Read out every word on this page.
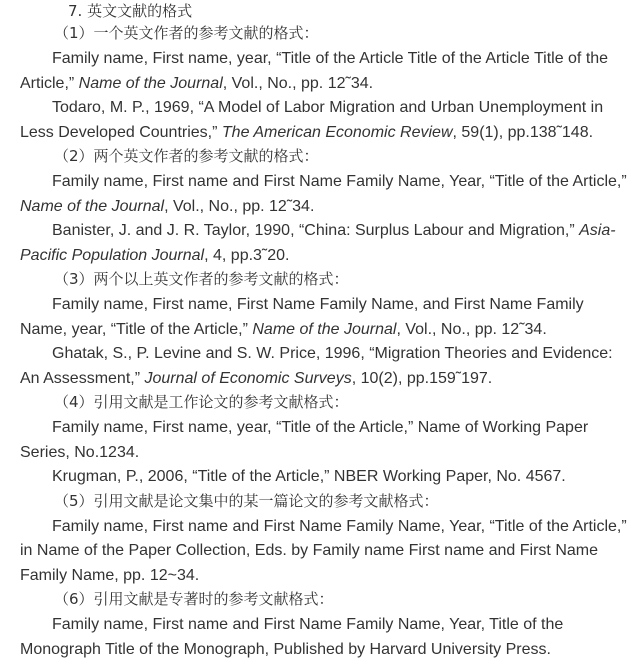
7. 英文文献的格式
（1）一个英文作者的参考文献的格式：

Family name, First name, year, “Title of the Article Title of the Article Title of the Article,” Name of the Journal, Vol., No., pp. 12˜34.

Todaro, M. P., 1969, “A Model of Labor Migration and Urban Unemployment in Less Developed Countries,” The American Economic Review, 59(1), pp.138˜148.

（2）两个英文作者的参考文献的格式：

Family name, First name and First Name Family Name, Year, “Title of the Article,” Name of the Journal, Vol., No., pp. 12˜34.

Banister, J. and J. R. Taylor, 1990, “China: Surplus Labour and Migration,” Asia-Pacific Population Journal, 4, pp.3˜20.

（3）两个以上英文作者的参考文献的格式：

Family name, First name, First Name Family Name, and First Name Family Name, year, “Title of the Article,” Name of the Journal, Vol., No., pp. 12˜34.

Ghatak, S., P. Levine and S. W. Price, 1996, “Migration Theories and Evidence: An Assessment,” Journal of Economic Surveys, 10(2), pp.159˜197.

（4）引用文献是工作论文的参考文献格式：

Family name, First name, year, “Title of the Article,” Name of Working Paper Series, No.1234.

Krugman, P., 2006, “Title of the Article,” NBER Working Paper, No. 4567.

（5）引用文献是论文集中的某一篇论文的参考文献格式：

Family name, First name and First Name Family Name, Year, “Title of the Article,” in Name of the Paper Collection, Eds. by Family name First name and First Name Family Name, pp. 12~34.

（6）引用文献是专著时的参考文献格式：

Family name, First name and First Name Family Name, Year, Title of the Monograph Title of the Monograph, Published by Harvard University Press.
